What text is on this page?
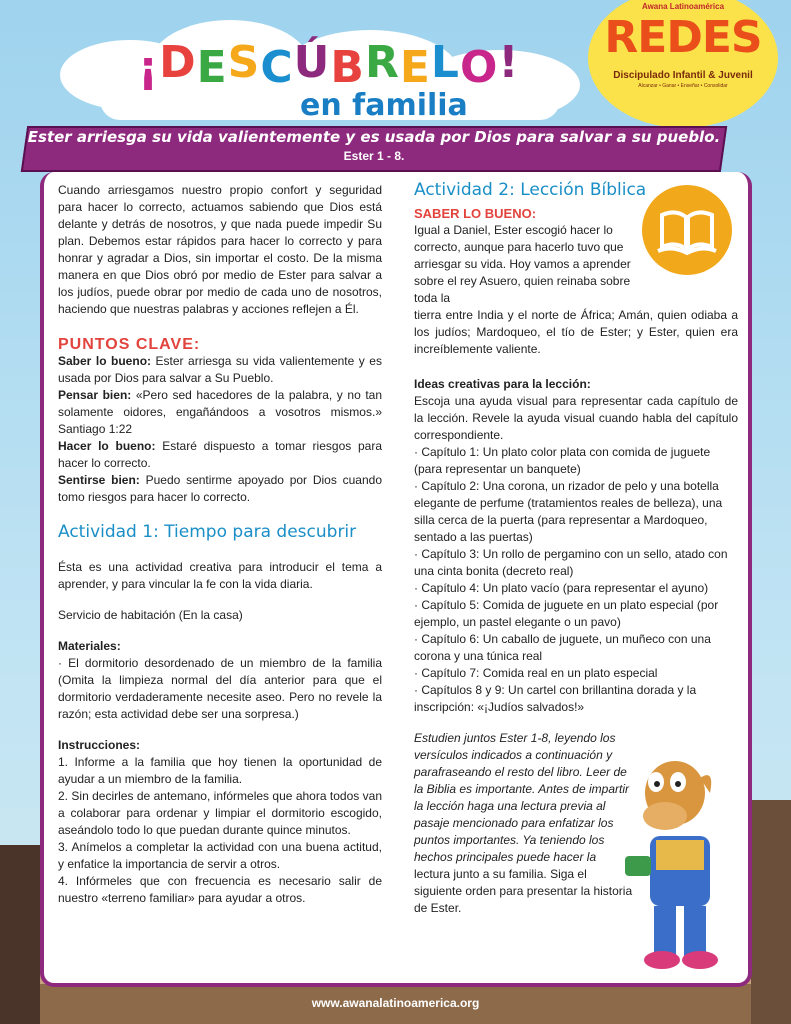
Awana Latinoamérica
REDES
Discipulado Infantil & Juvenil
Alcanzar • Ganar • Enseñar • Consolidar
¡DESCÚBRELO!
en familia
Ester arriesga su vida valientemente y es usada por Dios para salvar a su pueblo.
Ester 1 - 8.

Cuando arriesgamos nuestro propio confort y seguridad para hacer lo correcto, actuamos sabiendo que Dios está delante y detrás de nosotros, y que nada puede impedir Su plan. Debemos estar rápidos para hacer lo correcto y para honrar y agradar a Dios, sin importar el costo. De la misma manera en que Dios obró por medio de Ester para salvar a los judíos, puede obrar por medio de cada uno de nosotros, haciendo que nuestras palabras y acciones reflejen a Él.

PUNTOS CLAVE:

Saber lo bueno: Ester arriesga su vida valientemente y es usada por Dios para salvar a Su Pueblo.

Pensar bien: «Pero sed hacedores de la palabra, y no tan solamente oidores, engañándoos a vosotros mismos.» Santiago 1:22

Hacer lo bueno: Estaré dispuesto a tomar riesgos para hacer lo correcto.

Sentirse bien: Puedo sentirme apoyado por Dios cuando tomo riesgos para hacer lo correcto.

Actividad 1: Tiempo para descubrir

Ésta es una actividad creativa para introducir el tema a aprender, y para vincular la fe con la vida diaria.

Servicio de habitación (En la casa)

Materiales:

· El dormitorio desordenado de un miembro de la familia (Omita la limpieza normal del día anterior para que el dormitorio verdaderamente necesite aseo. Pero no revele la razón; esta actividad debe ser una sorpresa.)

Instrucciones:

1. Informe a la familia que hoy tienen la oportunidad de ayudar a un miembro de la familia.

2. Sin decirles de antemano, infórmeles que ahora todos van a colaborar para ordenar y limpiar el dormitorio escogido, aseándolo todo lo que puedan durante quince minutos.

3. Anímelos a completar la actividad con una buena actitud, y enfatice la importancia de servir a otros.

4. Infórmeles que con frecuencia es necesario salir de nuestro «terreno familiar» para ayudar a otros.

Actividad 2: Lección Bíblica

SABER LO BUENO:

Igual a Daniel, Ester escogió hacer lo correcto, aunque para hacerlo tuvo que arriesgar su vida. Hoy vamos a aprender sobre el rey Asuero, quien reinaba sobre toda la

tierra entre India y el norte de África; Amán, quien odiaba a los judíos; Mardoqueo, el tío de Ester; y Ester, quien era increíblemente valiente.

Ideas creativas para la lección:

Escoja una ayuda visual para representar cada capítulo de la lección. Revele la ayuda visual cuando habla del capítulo correspondiente.

· Capítulo 1: Un plato color plata con comida de juguete (para representar un banquete)

· Capítulo 2: Una corona, un rizador de pelo y una botella elegante de perfume (tratamientos reales de belleza), una silla cerca de la puerta (para representar a Mardoqueo, sentado a las puertas)

· Capítulo 3: Un rollo de pergamino con un sello, atado con una cinta bonita (decreto real)

· Capítulo 4: Un plato vacío (para representar el ayuno)

· Capítulo 5: Comida de juguete en un plato especial (por ejemplo, un pastel elegante o un pavo)

· Capítulo 6: Un caballo de juguete, un muñeco con una corona y una túnica real

· Capítulo 7: Comida real en un plato especial

· Capítulos 8 y 9: Un cartel con brillantina dorada y la inscripción: «¡Judíos salvados!»

Estudien juntos Ester 1-8, leyendo los versículos indicados a continuación y parafraseando el resto del libro. Leer de la Biblia es importante. Antes de impartir la lección haga una lectura previa al pasaje mencionado para enfatizar los puntos importantes. Ya teniendo los hechos principales puede hacer la lectura junto a su familia. Siga el siguiente orden para presentar la historia de Ester.

www.awanalatinoamerica.org
